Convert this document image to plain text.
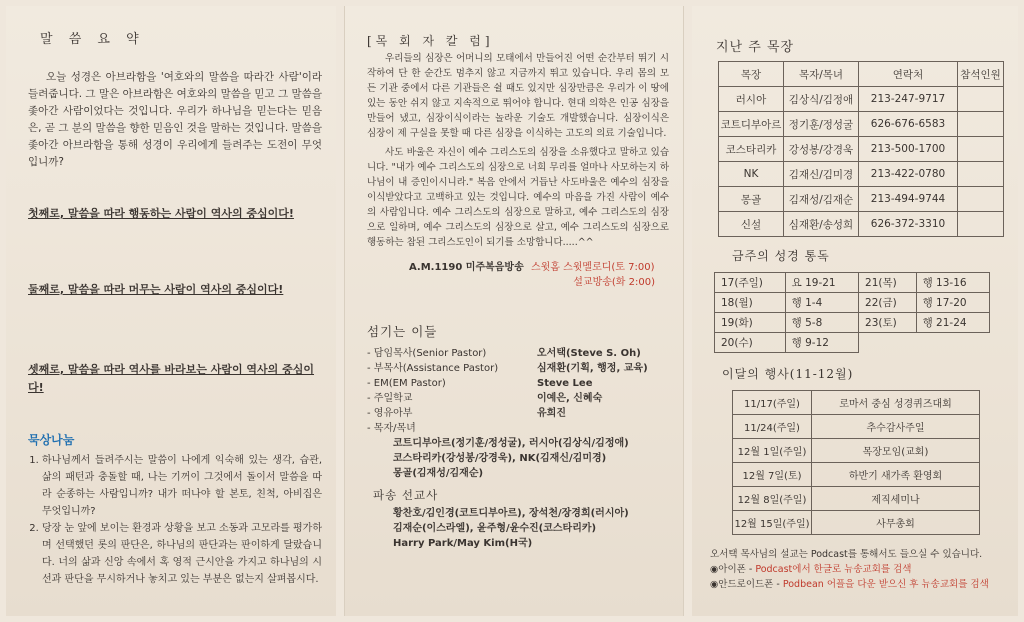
말 씀 요 약

오늘 성경은 아브라함을 '여호와의 말씀을 따라간 사람'이라 들려줍니다. 그 말은 아브라함은 여호와의 말씀을 믿고 그 말씀을 좇아간 사람이었다는 것입니다. 우리가 하나님을 믿는다는 믿음은, 곧 그 분의 말씀을 향한 믿음인 것을 말하는 것입니다. 말씀을 좇아간 아브라함을 통해 성경이 우리에게 들려주는 도전이 무엇입니까?

첫째로, 말씀을 따라 행동하는 사람이 역사의 중심이다!

둘째로, 말씀을 따라 머무는 사람이 역사의 중심이다!

셋째로, 말씀을 따라 역사를 바라보는 사람이 역사의 중심이다!

묵상나눔
1. 하나님께서 들려주시는 말씀이 나에게 익숙해 있는 생각, 습관, 삶의 패턴과 충돌할 때, 나는 기꺼이 그것에서 돌이서 말씀을 따라 순종하는 사람입니까? 내가 떠나야 할 본토, 친척, 아비집은 무엇입니까?
2. 당장 눈 앞에 보이는 환경과 상황을 보고 소동과 고모라를 평가하며 선택했던 롯의 판단은, 하나님의 판단과는 판이하게 달랐습니다. 너의 삶과 신앙 속에서 혹 영적 근시안을 가지고 하나님의 시선과 판단을 무시하거나 놓치고 있는 부분은 없는지 살펴봅시다.
[목 회 자 칼 럼]

우리들의 심장은 어머니의 모태에서 만들어진 어떤 순간부터 뛰기 시작하여 단 한 순간도 멈추지 않고 지금까지 뛰고 있습니다. 우리 몸의 모든 기관 중에서 다른 기관들은 쉴 때도 있지만 심장만큼은 우리가 이 땅에 있는 동안 쉬지 않고 지속적으로 뛰어야 합니다. 현대 의학은 인공 심장을 만들어 냈고, 심장이식이라는 놀라운 기술도 개발했습니다. 심장이식은 심장이 제 구실을 못할 때 다른 심장을 이식하는 고도의 의료 기술입니다.

사도 바울은 자신이 예수 그리스도의 심장을 소유했다고 말하고 있습니다. "내가 예수 그리스도의 심장으로 너희 무리를 얼마나 사모하는지 하나님이 내 증인이시니라." 복음 안에서 거듭난 사도바울은 예수의 심장을 이식받았다고 고백하고 있는 것입니다. 예수의 마음을 가진 사람이 예수의 사람입니다. 예수 그리스도의 심장으로 말하고, 예수 그리스도의 심장으로 일하며, 예수 그리스도의 심장으로 살고, 예수 그리스도의 심장으로 행동하는 참된 그리스도인이 되기를 소망합니다.....^^

A.M.1190 미주복음방송 스윗홈 스윗멜로디(토 7:00)

설교방송(화 2:00)
섬기는 이들
- 담임목사(Senior Pastor)	오서택(Steve S. Oh)
- 부목사(Assistance Pastor)	심재환(기획, 행정, 교육)
- EM(EM Pastor)	Steve Lee
- 주일학교	이예은, 신혜숙
- 영유아부	유희진
- 목자/목녀
코트디부아르(정기훈/정성굴), 러시아(김상식/김정애)
코스타리카(강성봉/강경욱), NK(김재신/김미경)
몽골(김재성/김재순)
파송 선교사
황찬호/김인경(코트디부아르), 장석천/장경희(러시아)
김재순(이스라엘), 윤주형/윤수진(코스타리카)
Harry Park/May Kim(H국)
지난 주 목장
목장	목자/목녀	연락처	참석인원
러시아	김상식/김정애	213-247-9717	
코트디부아르	정기훈/정성굴	626-676-6583	
코스타리카	강성봉/강경욱	213-500-1700	
NK	김재신/김미경	213-422-0780	
몽골	김재성/김재순	213-494-9744	
신설	심재환/송성희	626-372-3310	
금주의 성경 통독
17(주일)	요 19-21	21(목)	행 13-16
18(월)	행 1-4	22(금)	행 17-20
19(화)	행 5-8	23(토)	행 21-24
20(수)	행 9-12		
이달의 행사(11-12월)
11/17(주일)	로마서 중심 성경퀴즈대회
11/24(주일)	추수감사주일
12월 1일(주일)	목장모임(교회)
12월 7일(토)	하반기 새가족 환영회
12월 8일(주일)	제직세미나
12월 15일(주일)	사무총회
오서택 목사님의 설교는 Podcast를 통해서도 들으실 수 있습니다.
◉아이폰 - Podcast에서 한글로 뉴송교회를 검색
◉안드로이드폰 - Podbean 어플을 다운 받으신 후 뉴송교회를 검색
